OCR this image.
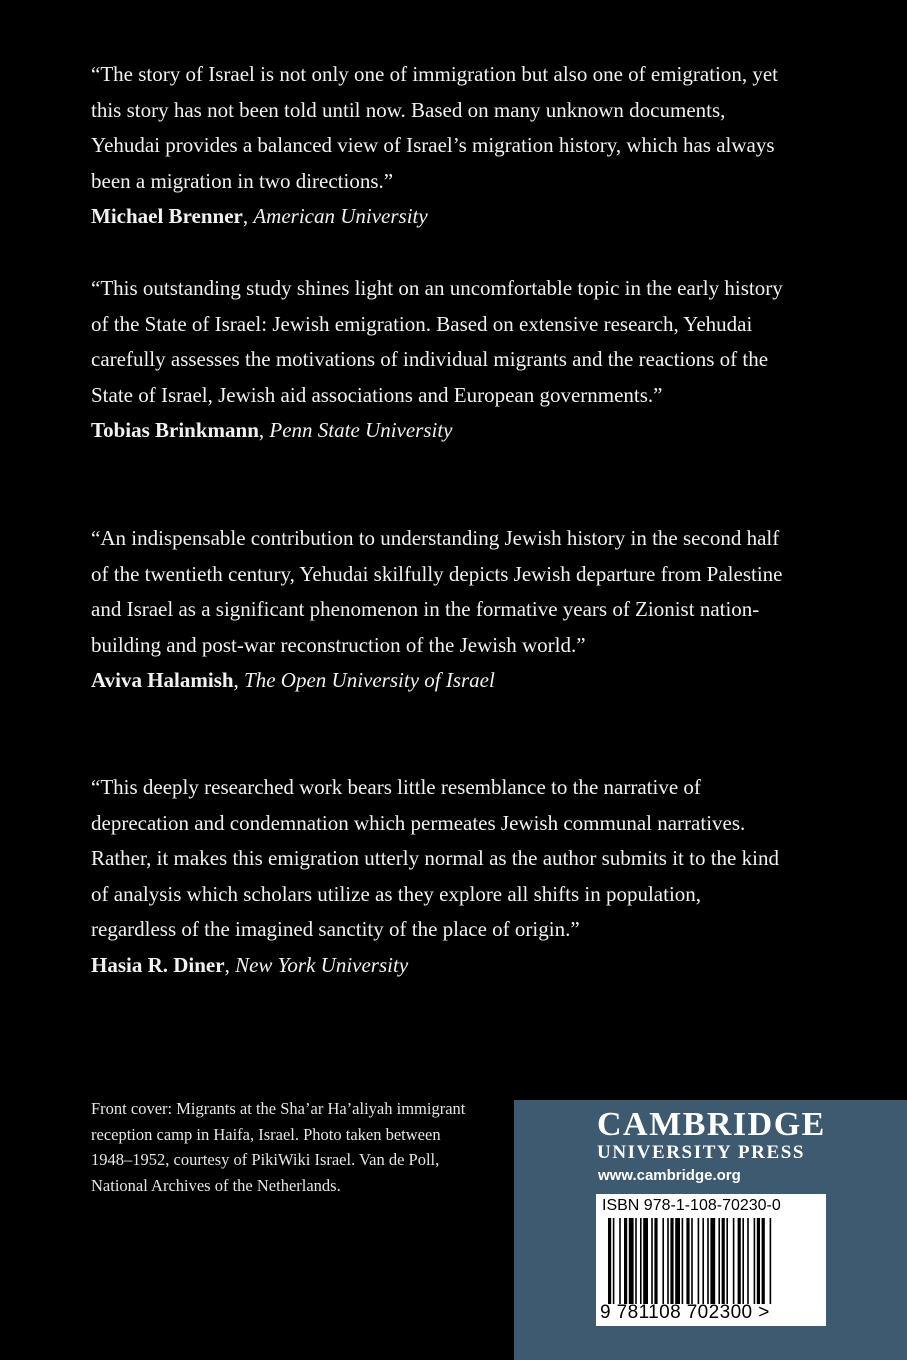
“The story of Israel is not only one of immigration but also one of emigration, yet this story has not been told until now. Based on many unknown documents, Yehudai provides a balanced view of Israel’s migration history, which has always been a migration in two directions.”

Michael Brenner, American University

“This outstanding study shines light on an uncomfortable topic in the early history of the State of Israel: Jewish emigration. Based on extensive research, Yehudai carefully assesses the motivations of individual migrants and the reactions of the State of Israel, Jewish aid associations and European governments.”

Tobias Brinkmann, Penn State University

“An indispensable contribution to understanding Jewish history in the second half of the twentieth century, Yehudai skilfully depicts Jewish departure from Palestine and Israel as a significant phenomenon in the formative years of Zionist nation-building and post-war reconstruction of the Jewish world.”

Aviva Halamish, The Open University of Israel

“This deeply researched work bears little resemblance to the narrative of deprecation and condemnation which permeates Jewish communal narratives. Rather, it makes this emigration utterly normal as the author submits it to the kind of analysis which scholars utilize as they explore all shifts in population, regardless of the imagined sanctity of the place of origin.”

Hasia R. Diner, New York University

Front cover: Migrants at the Sha’ar Ha’aliyah immigrant reception camp in Haifa, Israel. Photo taken between 1948–1952, courtesy of PikiWiki Israel. Van de Poll, National Archives of the Netherlands.
CAMBRIDGE
UNIVERSITY PRESS
www.cambridge.org
ISBN 978-1-108-70230-0
9 781108 702300 >
